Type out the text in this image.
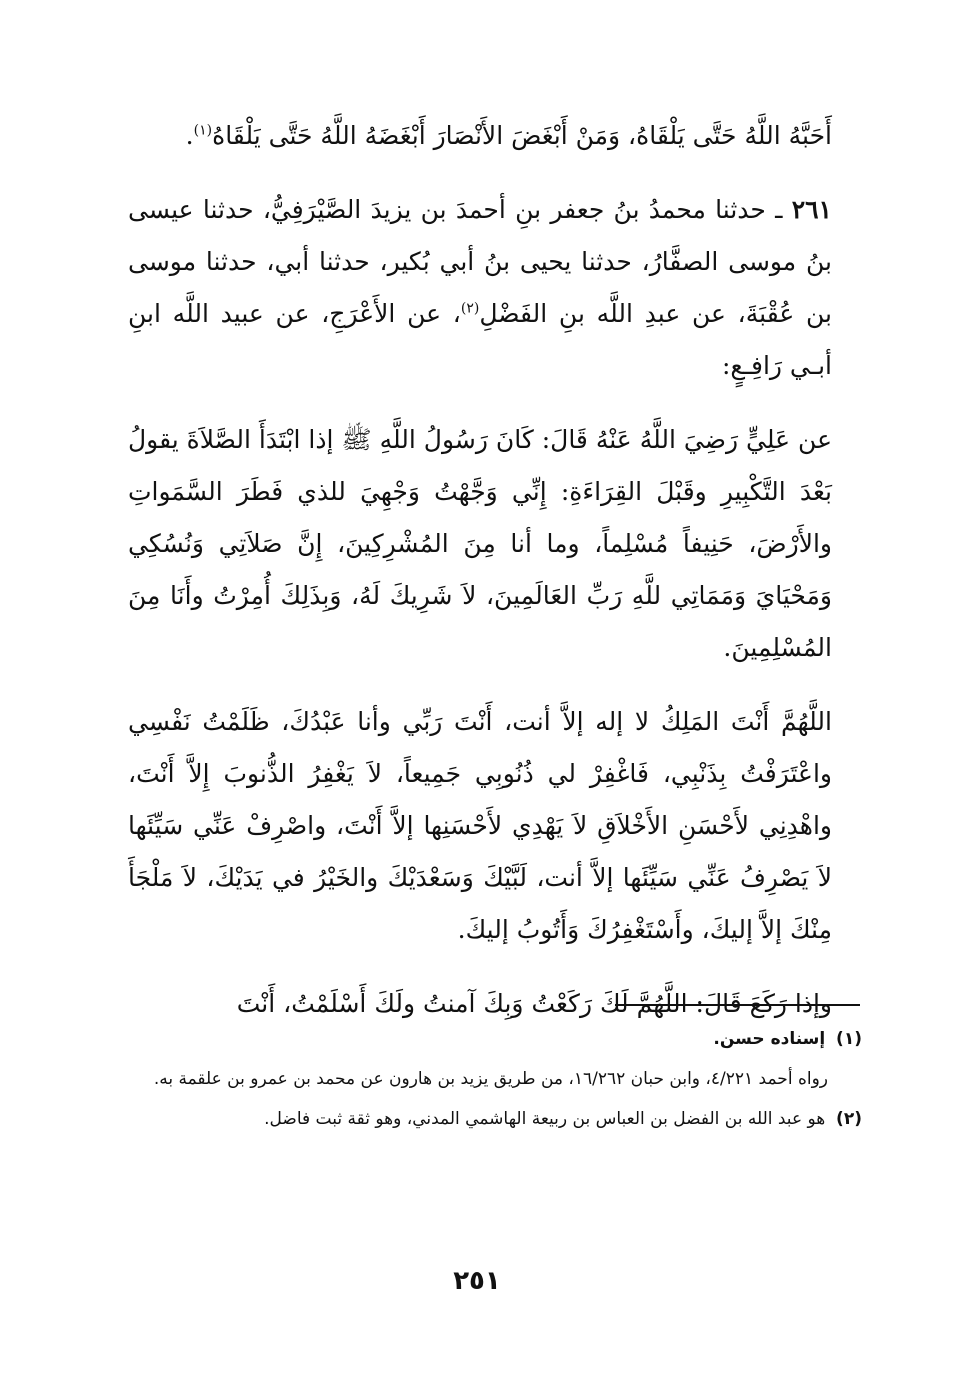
أَحَبَّهُ اللَّهُ حَتَّى يَلْقَاهُ، وَمَنْ أَبْغَضَ الأَنْصَارَ أَبْغَضَهُ اللَّهُ حَتَّى يَلْقَاهُ$^{(١)}$.

٢٦١ ـ حدثنا محمدُ بنُ جعفر بنِ أحمدَ بن يزيدَ الصَّيْرَفِيُّ، حدثنا عيسى بنُ موسى الصفَّارُ، حدثنا يحيى بنُ أبي بُكير، حدثنا أبي، حدثنا موسى بن عُقْبَةَ، عن عبدِ اللَّه بنِ الفَضْلِ$^{(٢)}$، عن الأَعْرَجِ، عن عبيد اللَّه ابنِ أبـي رَافِـعٍ:

عن عَلِيٍّ رَضِيَ اللَّهُ عَنْهُ قَالَ: كَانَ رَسُولُ اللَّهِ ﷺ إذا ابْتَدَأَ الصَّلاَةَ يقولُ بَعْدَ التَّكْبِيرِ وقَبْلَ القِرَاءَةِ: إِنِّي وَجَّهْتُ وَجْهِيَ للذي فَطَرَ السَّمَواتِ والأَرْضَ، حَنِيفاً مُسْلِماً، وما أنا مِنَ المُشْرِكِينَ، إِنَّ صَلاَتِي وَنُسُكِي وَمَحْيَايَ وَمَمَاتِي للَّهِ رَبِّ العَالَمِينَ، لاَ شَرِيكَ لَهُ، وَبِذَلِكَ أُمِرْتُ وأَنَا مِنَ المُسْلِمِينَ.

اللَّهُمَّ أَنْتَ المَلِكُ لا إله إلاَّ أنت، أَنْتَ رَبِّي وأنا عَبْدُكَ، ظَلَمْتُ نَفْسِي واعْتَرَفْتُ بِذَنْبِي، فَاغْفِرْ لي ذُنُوبِي جَمِيعاً، لاَ يَغْفِرُ الذُّنوبَ إِلاَّ أَنْتَ، واهْدِنِي لأَحْسَنِ الأَخْلاَقِ لاَ يَهْدِي لأَحْسَنِها إلاَّ أَنْتَ، واصْرِفْ عَنِّي سَيِّئَها لاَ يَصْرِفُ عَنِّي سَيِّئَها إلاَّ أنت، لَبَّيْكَ وَسَعْدَيْكَ والخَيْرُ في يَدَيْكَ، لاَ مَلْجَأَ مِنْكَ إلاَّ إليكَ، وأَسْتَغْفِرُكَ وَأَتُوبُ إليكَ.

وإذا رَكَعَ قَالَ: اللَّهُمَّ لَكَ رَكَعْتُ وَبِكَ آمنتُ ولَكَ أَسْلَمْتُ، أَنْتَ

(١)  إسناده حسن.

رواه أحمد ٤/٢٢١، وابن حبان ١٦/٢٦٢، من طريق يزيد بن هارون عن محمد بن عمرو بن علقمة به.

(٢)  هو عبد الله بن الفضل بن العباس بن ربيعة الهاشمي المدني، وهو ثقة ثبت فاضل.

٢٥١
